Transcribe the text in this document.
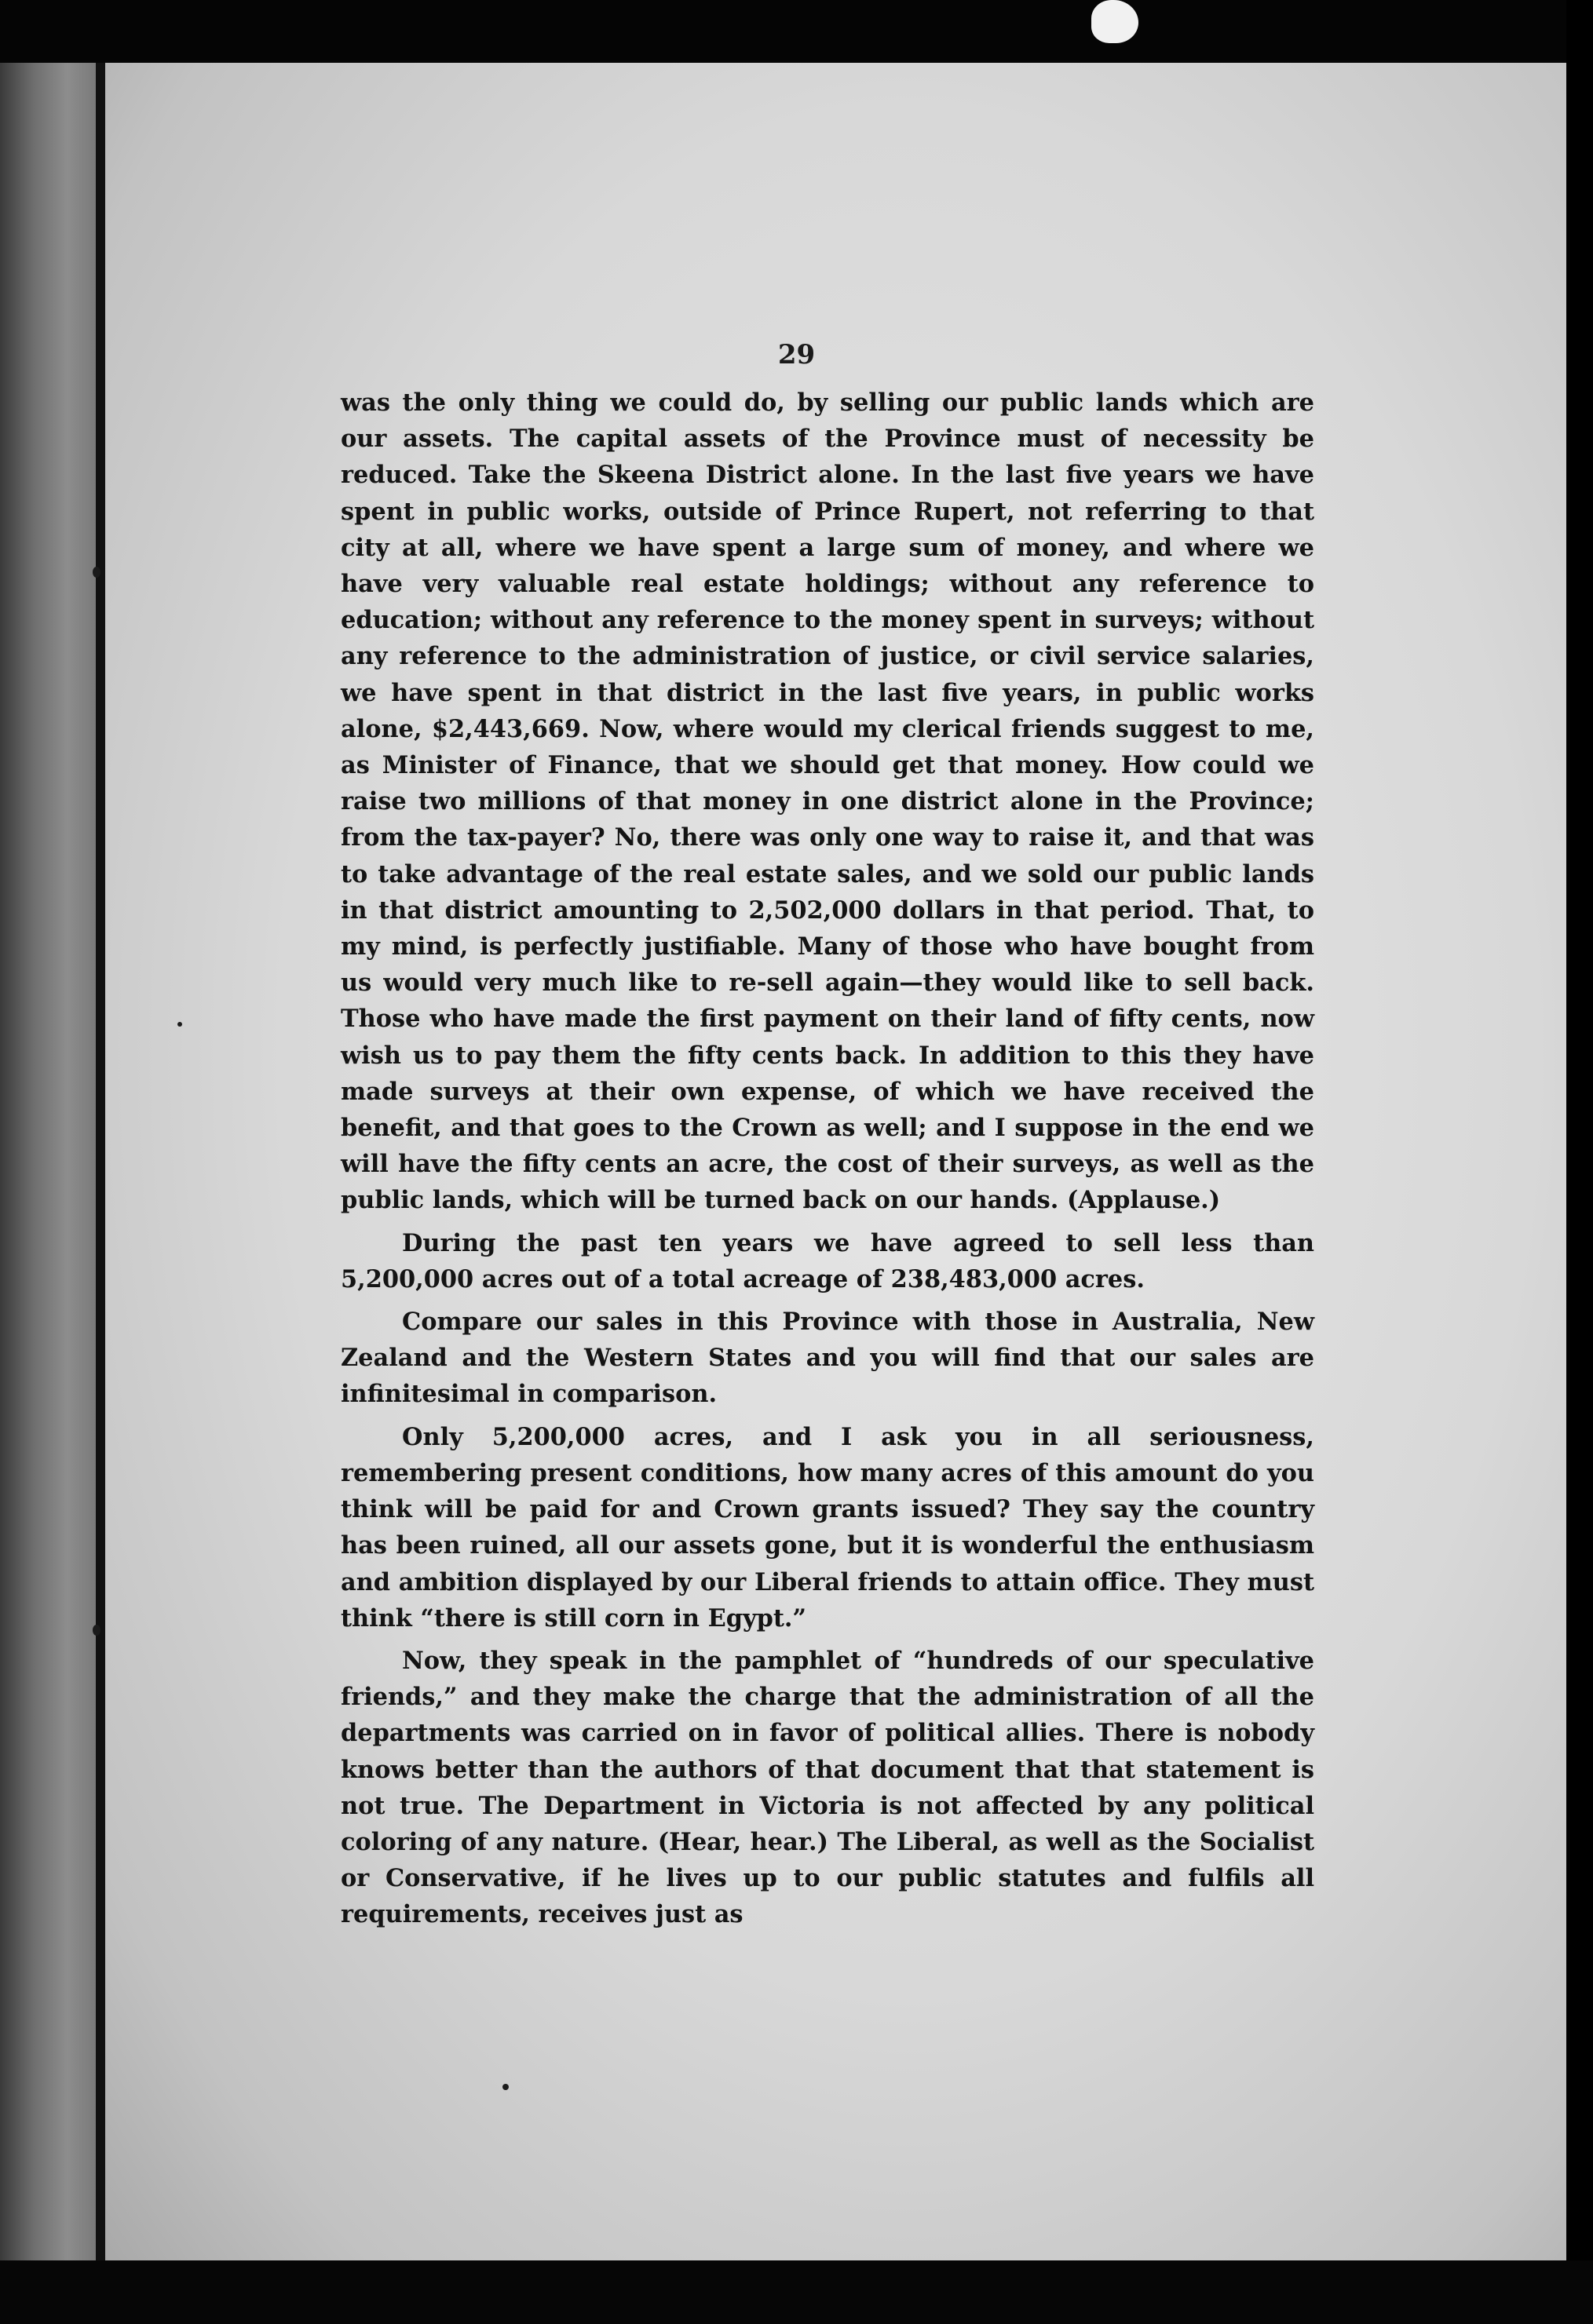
29

was the only thing we could do, by selling our public lands which are our assets. The capital assets of the Province must of necessity be reduced. Take the Skeena District alone. In the last five years we have spent in public works, outside of Prince Rupert, not referring to that city at all, where we have spent a large sum of money, and where we have very valuable real estate holdings; without any reference to education; without any reference to the money spent in surveys; without any reference to the administration of justice, or civil service salaries, we have spent in that district in the last five years, in public works alone, $2,443,669. Now, where would my clerical friends suggest to me, as Minister of Finance, that we should get that money. How could we raise two millions of that money in one district alone in the Province; from the tax-payer? No, there was only one way to raise it, and that was to take advantage of the real estate sales, and we sold our public lands in that district amounting to 2,502,000 dollars in that period. That, to my mind, is perfectly justifiable. Many of those who have bought from us would very much like to re-sell again—they would like to sell back. Those who have made the first payment on their land of fifty cents, now wish us to pay them the fifty cents back. In addition to this they have made surveys at their own expense, of which we have received the benefit, and that goes to the Crown as well; and I suppose in the end we will have the fifty cents an acre, the cost of their surveys, as well as the public lands, which will be turned back on our hands. (Applause.)

During the past ten years we have agreed to sell less than 5,200,000 acres out of a total acreage of 238,483,000 acres.

Compare our sales in this Province with those in Australia, New Zealand and the Western States and you will find that our sales are infinitesimal in comparison.

Only 5,200,000 acres, and I ask you in all seriousness, remembering present conditions, how many acres of this amount do you think will be paid for and Crown grants issued? They say the country has been ruined, all our assets gone, but it is wonderful the enthusiasm and ambition displayed by our Liberal friends to attain office. They must think “there is still corn in Egypt.”

Now, they speak in the pamphlet of “hundreds of our speculative friends,” and they make the charge that the administration of all the departments was carried on in favor of political allies. There is nobody knows better than the authors of that document that that statement is not true. The Department in Victoria is not affected by any political coloring of any nature. (Hear, hear.) The Liberal, as well as the Socialist or Conservative, if he lives up to our public statutes and fulfils all requirements, receives just as
